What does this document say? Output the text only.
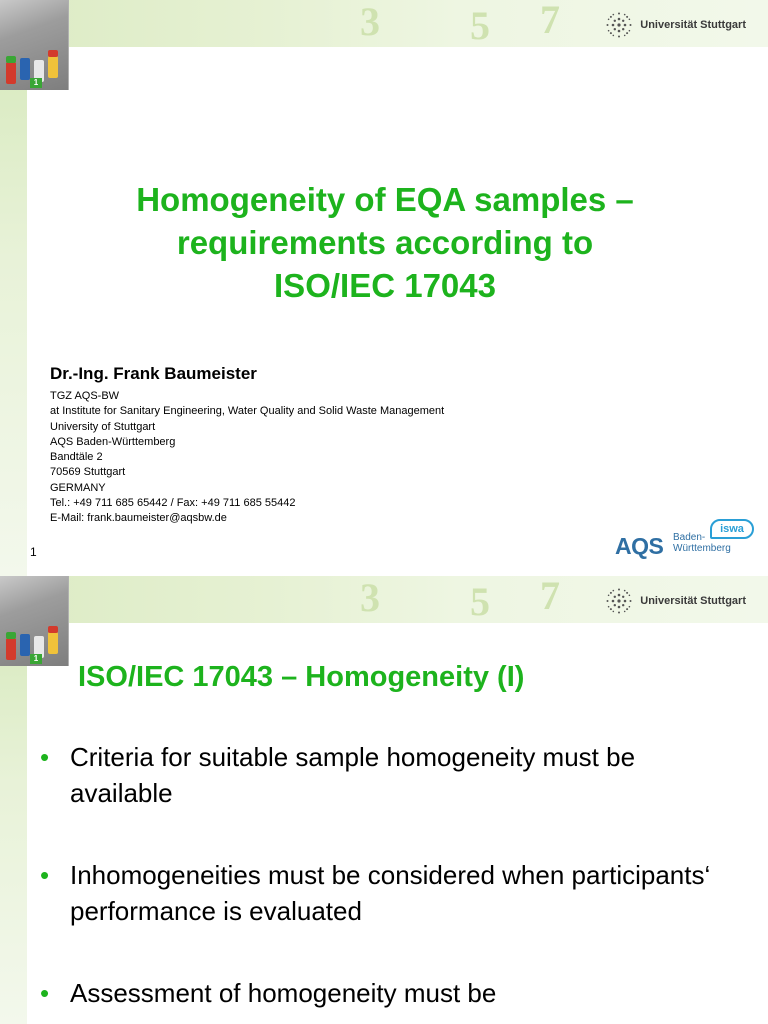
3 5 7
1
Universität Stuttgart
Homogeneity of EQA samples –
requirements according to
ISO/IEC 17043
Dr.-Ing. Frank Baumeister
TGZ AQS-BW
at Institute for Sanitary Engineering, Water Quality and Solid Waste Management
University of Stuttgart
AQS Baden-Württemberg
Bandtäle 2
70569 Stuttgart
GERMANY
Tel.: +49 711 685 65442 / Fax: +49 711 685 55442
E-Mail: frank.baumeister@aqsbw.de
1
iswa
AQS Baden-
Württemberg
3 5 7
1
Universität Stuttgart
ISO/IEC 17043 – Homogeneity (I)
• Criteria for suitable sample homogeneity must be available
• Inhomogeneities must be considered when participants‘ performance is evaluated
• Assessment of homogeneity must be
